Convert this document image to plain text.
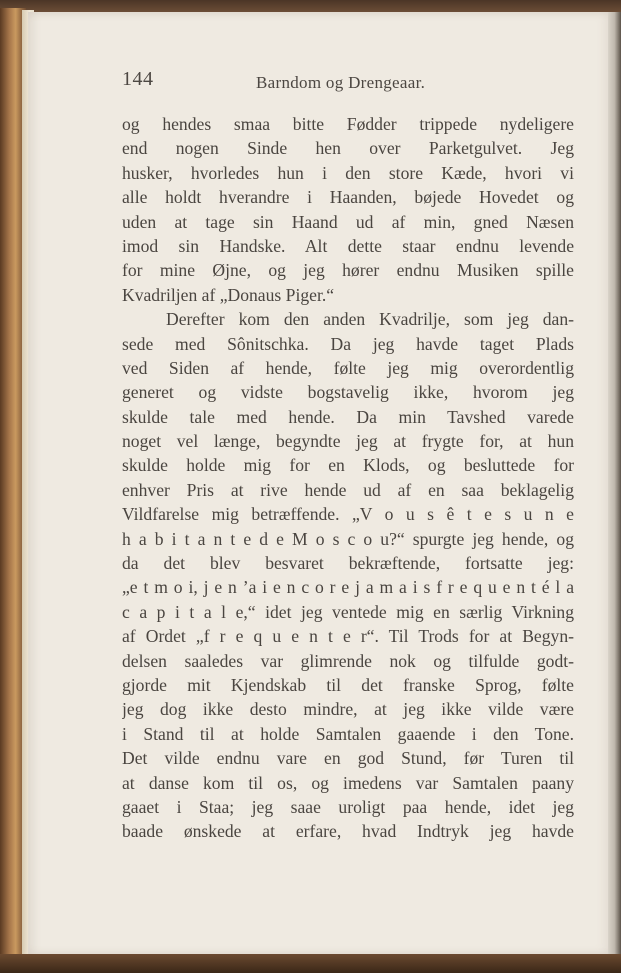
144	Barndom og Drengeaar.
og hendes smaa bitte Fødder trippede nydeligere
end nogen Sinde hen over Parketgulvet. Jeg
husker, hvorledes hun i den store Kæde, hvori vi
alle holdt hverandre i Haanden, bøjede Hovedet og
uden at tage sin Haand ud af min, gned Næsen
imod sin Handske. Alt dette staar endnu levende
for mine Øjne, og jeg hører endnu Musiken spille
Kvadriljen af „Donaus Piger.“
Derefter kom den anden Kvadrilje, som jeg dan-
sede med Sônitschka. Da jeg havde taget Plads
ved Siden af hende, følte jeg mig overordentlig
generet og vidste bogstavelig ikke, hvorom jeg
skulde tale med hende. Da min Tavshed varede
noget vel længe, begyndte jeg at frygte for, at hun
skulde holde mig for en Klods, og besluttede for
enhver Pris at rive hende ud af en saa beklagelig
Vildfarelse mig betræffende. „V o u s ê t e s u n e
h a b i t a n t e d e M o s c o u?“ spurgte jeg hende, og
da det blev besvaret bekræftende, fortsatte jeg:
„e t m o i, j e n ’a i e n c o r e j a m a i s f r e q u e n t é l a
c a p i t a l e,“ idet jeg ventede mig en særlig Virkning
af Ordet „f r e q u e n t e r“. Til Trods for at Begyn-
delsen saaledes var glimrende nok og tilfulde godt-
gjorde mit Kjendskab til det franske Sprog, følte
jeg dog ikke desto mindre, at jeg ikke vilde være
i Stand til at holde Samtalen gaaende i den Tone.
Det vilde endnu vare en god Stund, før Turen til
at danse kom til os, og imedens var Samtalen paany
gaaet i Staa; jeg saae uroligt paa hende, idet jeg
baade ønskede at erfare, hvad Indtryk jeg havde
